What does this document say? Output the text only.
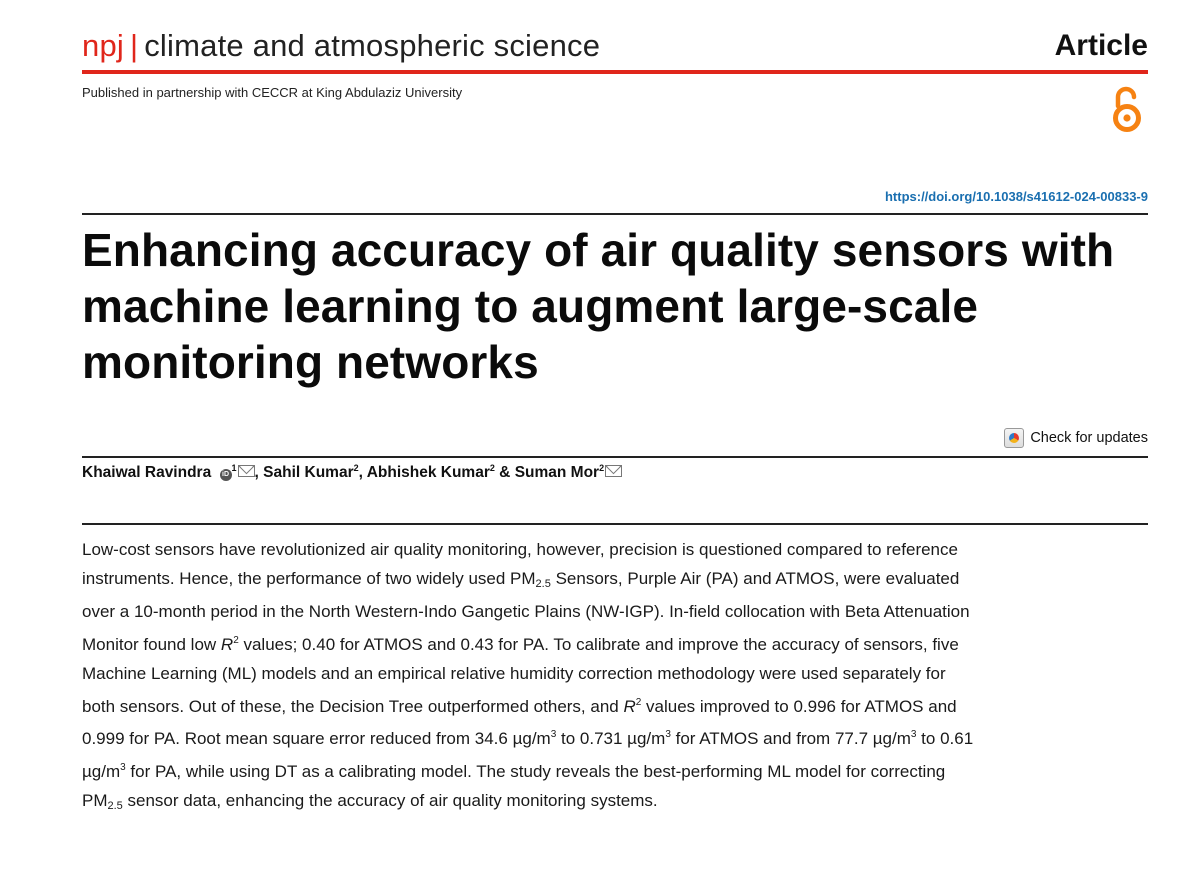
npj | climate and atmospheric science	Article
Published in partnership with CECCR at King Abdulaziz University
https://doi.org/10.1038/s41612-024-00833-9
Enhancing accuracy of air quality sensors with machine learning to augment large-scale monitoring networks
Check for updates
Khaiwal Ravindra $iD^1$ , Sahil Kumar$^2$, Abhishek Kumar$^2$ & Suman Mor$^2$

Low-cost sensors have revolutionized air quality monitoring, however, precision is questioned compared to reference instruments. Hence, the performance of two widely used $PM_{2.5}$ Sensors, Purple Air (PA) and ATMOS, were evaluated over a 10-month period in the North Western-Indo Gangetic Plains (NW-IGP). In-field collocation with Beta Attenuation Monitor found low $R^2$ values; 0.40 for ATMOS and 0.43 for PA. To calibrate and improve the accuracy of sensors, five Machine Learning (ML) models and an empirical relative humidity correction methodology were used separately for both sensors. Out of these, the Decision Tree outperformed others, and $R^2$ values improved to 0.996 for ATMOS and 0.999 for PA. Root mean square error reduced from 34.6 $\mu g/m^3$ to 0.731 $\mu g/m^3$ for ATMOS and from 77.7 $\mu g/m^3$ to 0.61 $\mu g/m^3$ for PA, while using DT as a calibrating model. The study reveals the best-performing ML model for correcting $PM_{2.5}$ sensor data, enhancing the accuracy of air quality monitoring systems.
